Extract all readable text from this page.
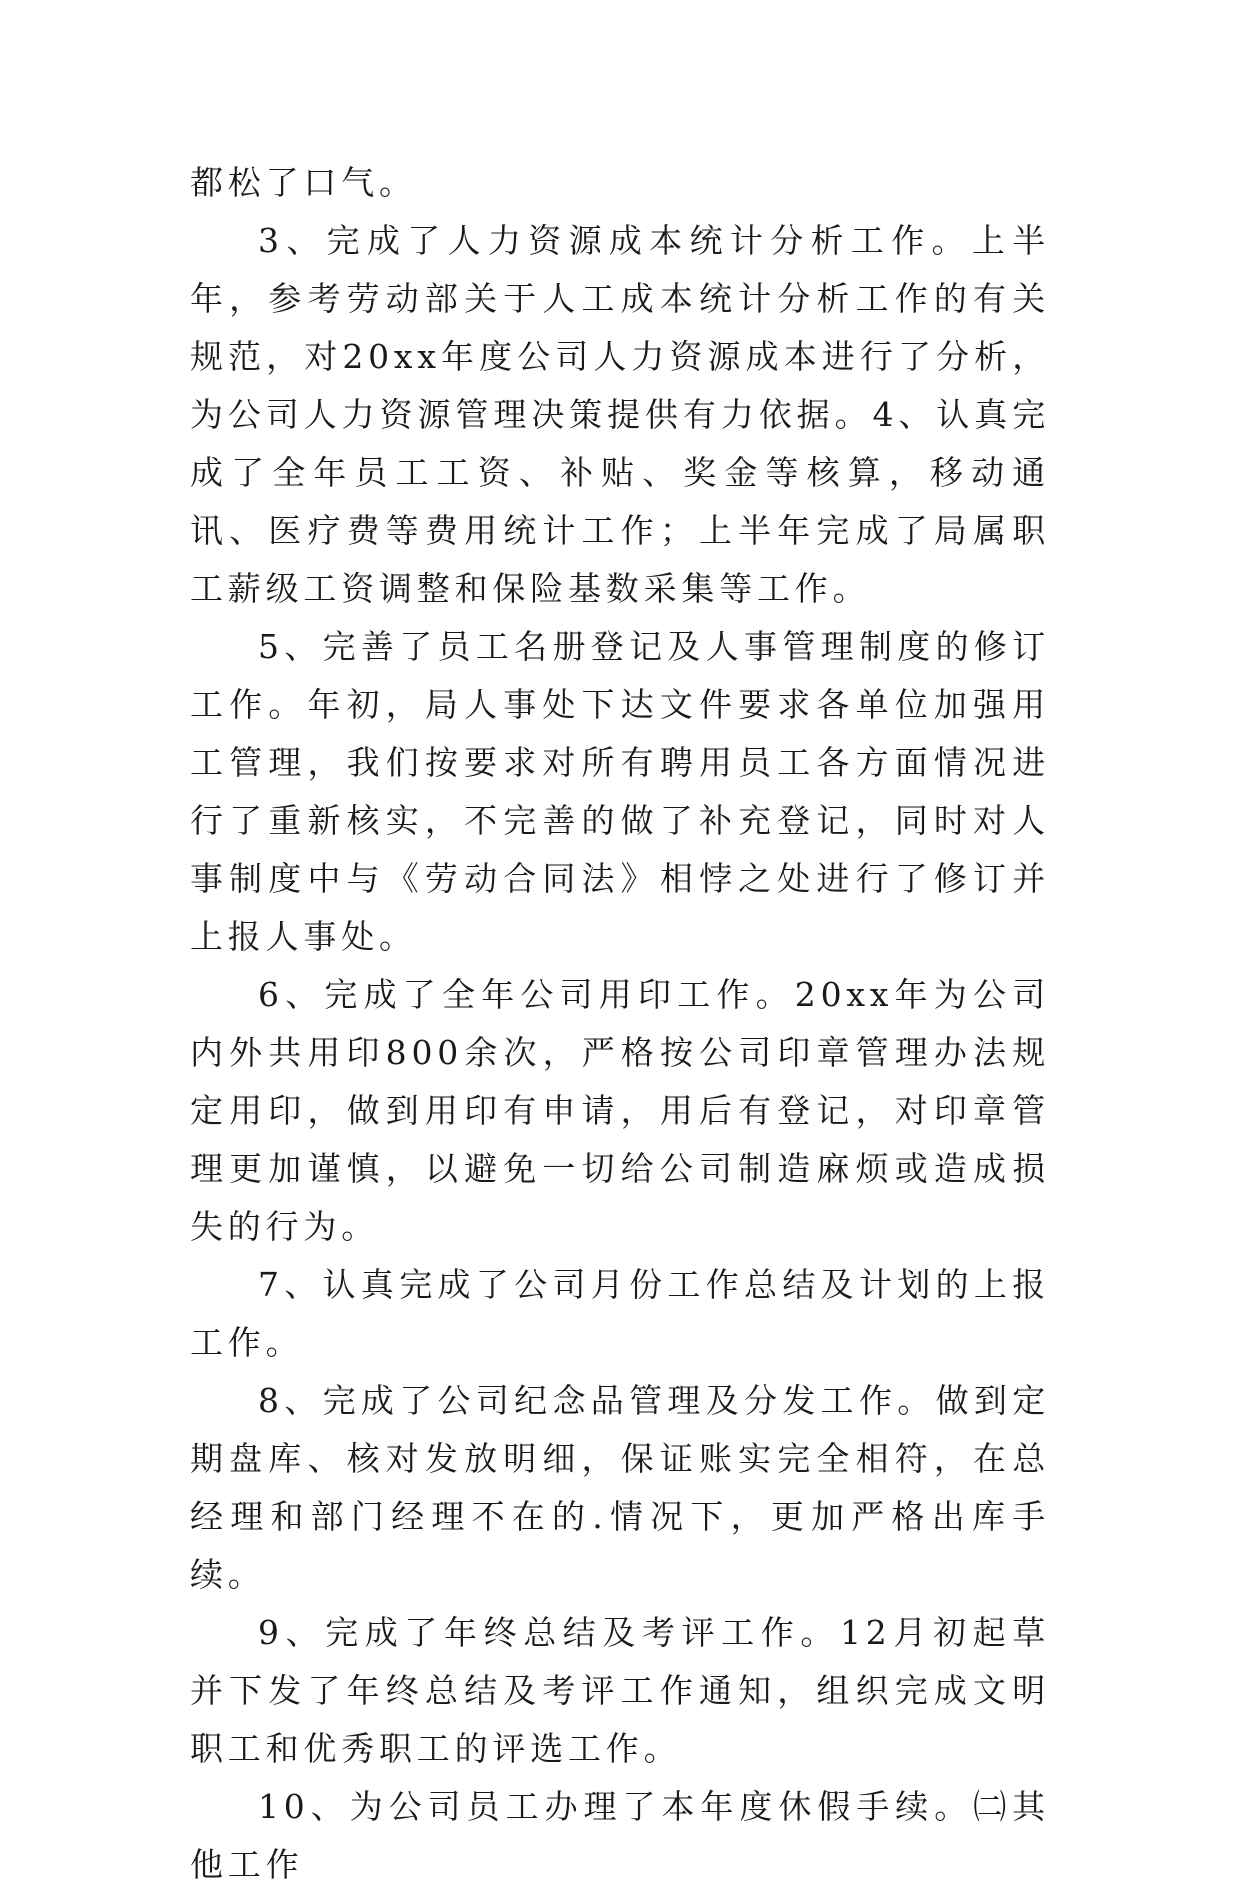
都松了口气。

3、完成了人力资源成本统计分析工作。上半年，参考劳动部关于人工成本统计分析工作的有关规范，对20xx年度公司人力资源成本进行了分析，为公司人力资源管理决策提供有力依据。4、认真完成了全年员工工资、补贴、奖金等核算，移动通讯、医疗费等费用统计工作；上半年完成了局属职工薪级工资调整和保险基数采集等工作。

5、完善了员工名册登记及人事管理制度的修订工作。年初，局人事处下达文件要求各单位加强用工管理，我们按要求对所有聘用员工各方面情况进行了重新核实，不完善的做了补充登记，同时对人事制度中与《劳动合同法》相悖之处进行了修订并上报人事处。

6、完成了全年公司用印工作。20xx年为公司内外共用印800余次，严格按公司印章管理办法规定用印，做到用印有申请，用后有登记，对印章管理更加谨慎，以避免一切给公司制造麻烦或造成损失的行为。

7、认真完成了公司月份工作总结及计划的上报工作。

8、完成了公司纪念品管理及分发工作。做到定期盘库、核对发放明细，保证账实完全相符，在总经理和部门经理不在的.情况下，更加严格出库手续。

9、完成了年终总结及考评工作。12月初起草并下发了年终总结及考评工作通知，组织完成文明职工和优秀职工的评选工作。

10、为公司员工办理了本年度休假手续。㈡其他工作
